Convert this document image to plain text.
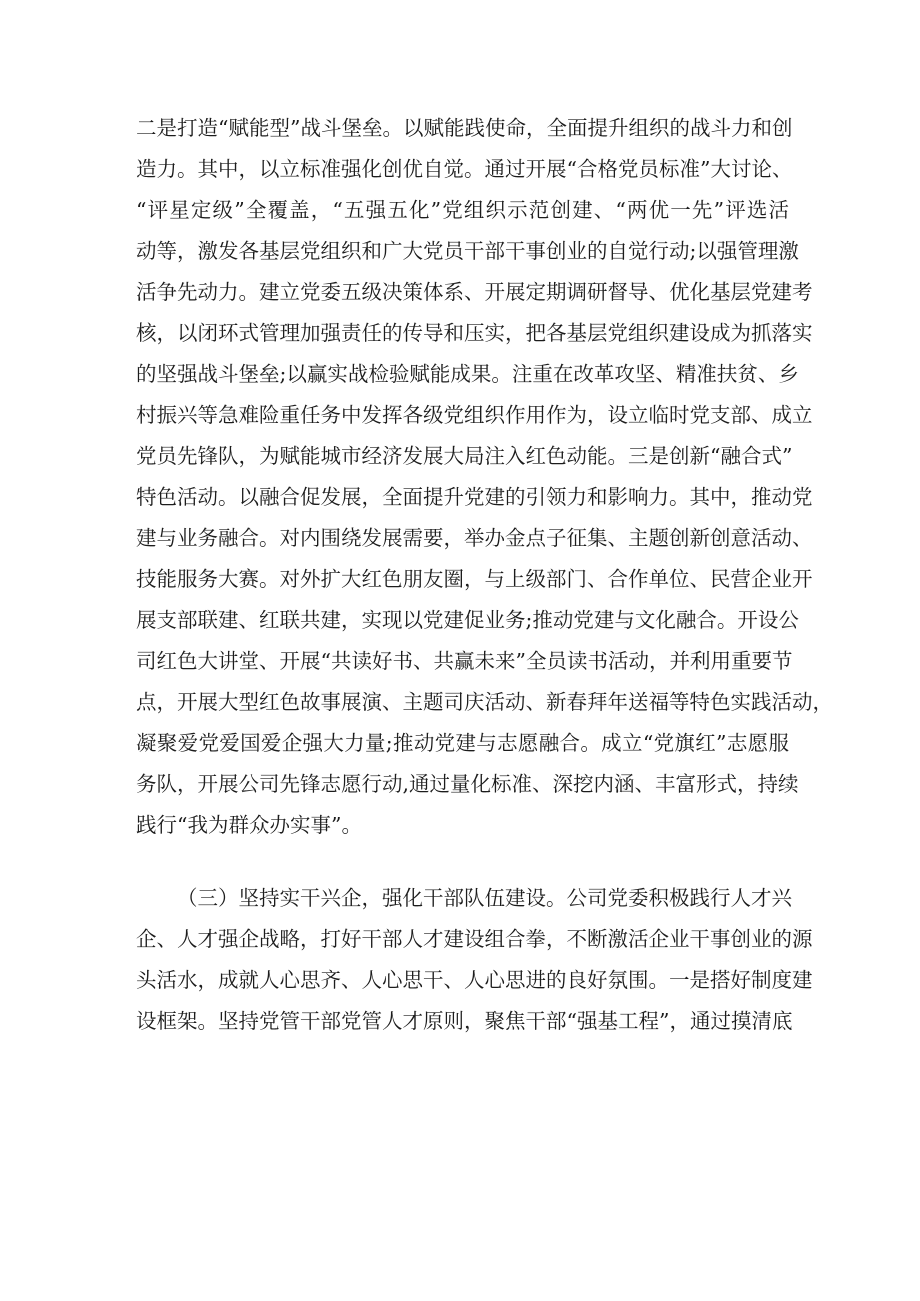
二是打造“赋能型”战斗堡垒。以赋能践使命，全面提升组织的战斗力和创
造力。其中，以立标准强化创优自觉。通过开展“合格党员标准”大讨论、
“评星定级”全覆盖，“五强五化”党组织示范创建、“两优一先”评选活
动等，激发各基层党组织和广大党员干部干事创业的自觉行动;以强管理激
活争先动力。建立党委五级决策体系、开展定期调研督导、优化基层党建考
核，以闭环式管理加强责任的传导和压实，把各基层党组织建设成为抓落实
的坚强战斗堡垒;以赢实战检验赋能成果。注重在改革攻坚、精准扶贫、乡
村振兴等急难险重任务中发挥各级党组织作用作为，设立临时党支部、成立
党员先锋队，为赋能城市经济发展大局注入红色动能。三是创新“融合式”
特色活动。以融合促发展，全面提升党建的引领力和影响力。其中，推动党
建与业务融合。对内围绕发展需要，举办金点子征集、主题创新创意活动、
技能服务大赛。对外扩大红色朋友圈，与上级部门、合作单位、民营企业开
展支部联建、红联共建，实现以党建促业务;推动党建与文化融合。开设公
司红色大讲堂、开展“共读好书、共赢未来”全员读书活动，并利用重要节
点，开展大型红色故事展演、主题司庆活动、新春拜年送福等特色实践活动，
凝聚爱党爱国爱企强大力量;推动党建与志愿融合。成立“党旗红”志愿服
务队，开展公司先锋志愿行动,通过量化标准、深挖内涵、丰富形式，持续
践行“我为群众办实事”。
（三）坚持实干兴企，强化干部队伍建设。公司党委积极践行人才兴
企、人才强企战略，打好干部人才建设组合拳，不断激活企业干事创业的源
头活水，成就人心思齐、人心思干、人心思进的良好氛围。一是搭好制度建
设框架。坚持党管干部党管人才原则，聚焦干部“强基工程”，通过摸清底
